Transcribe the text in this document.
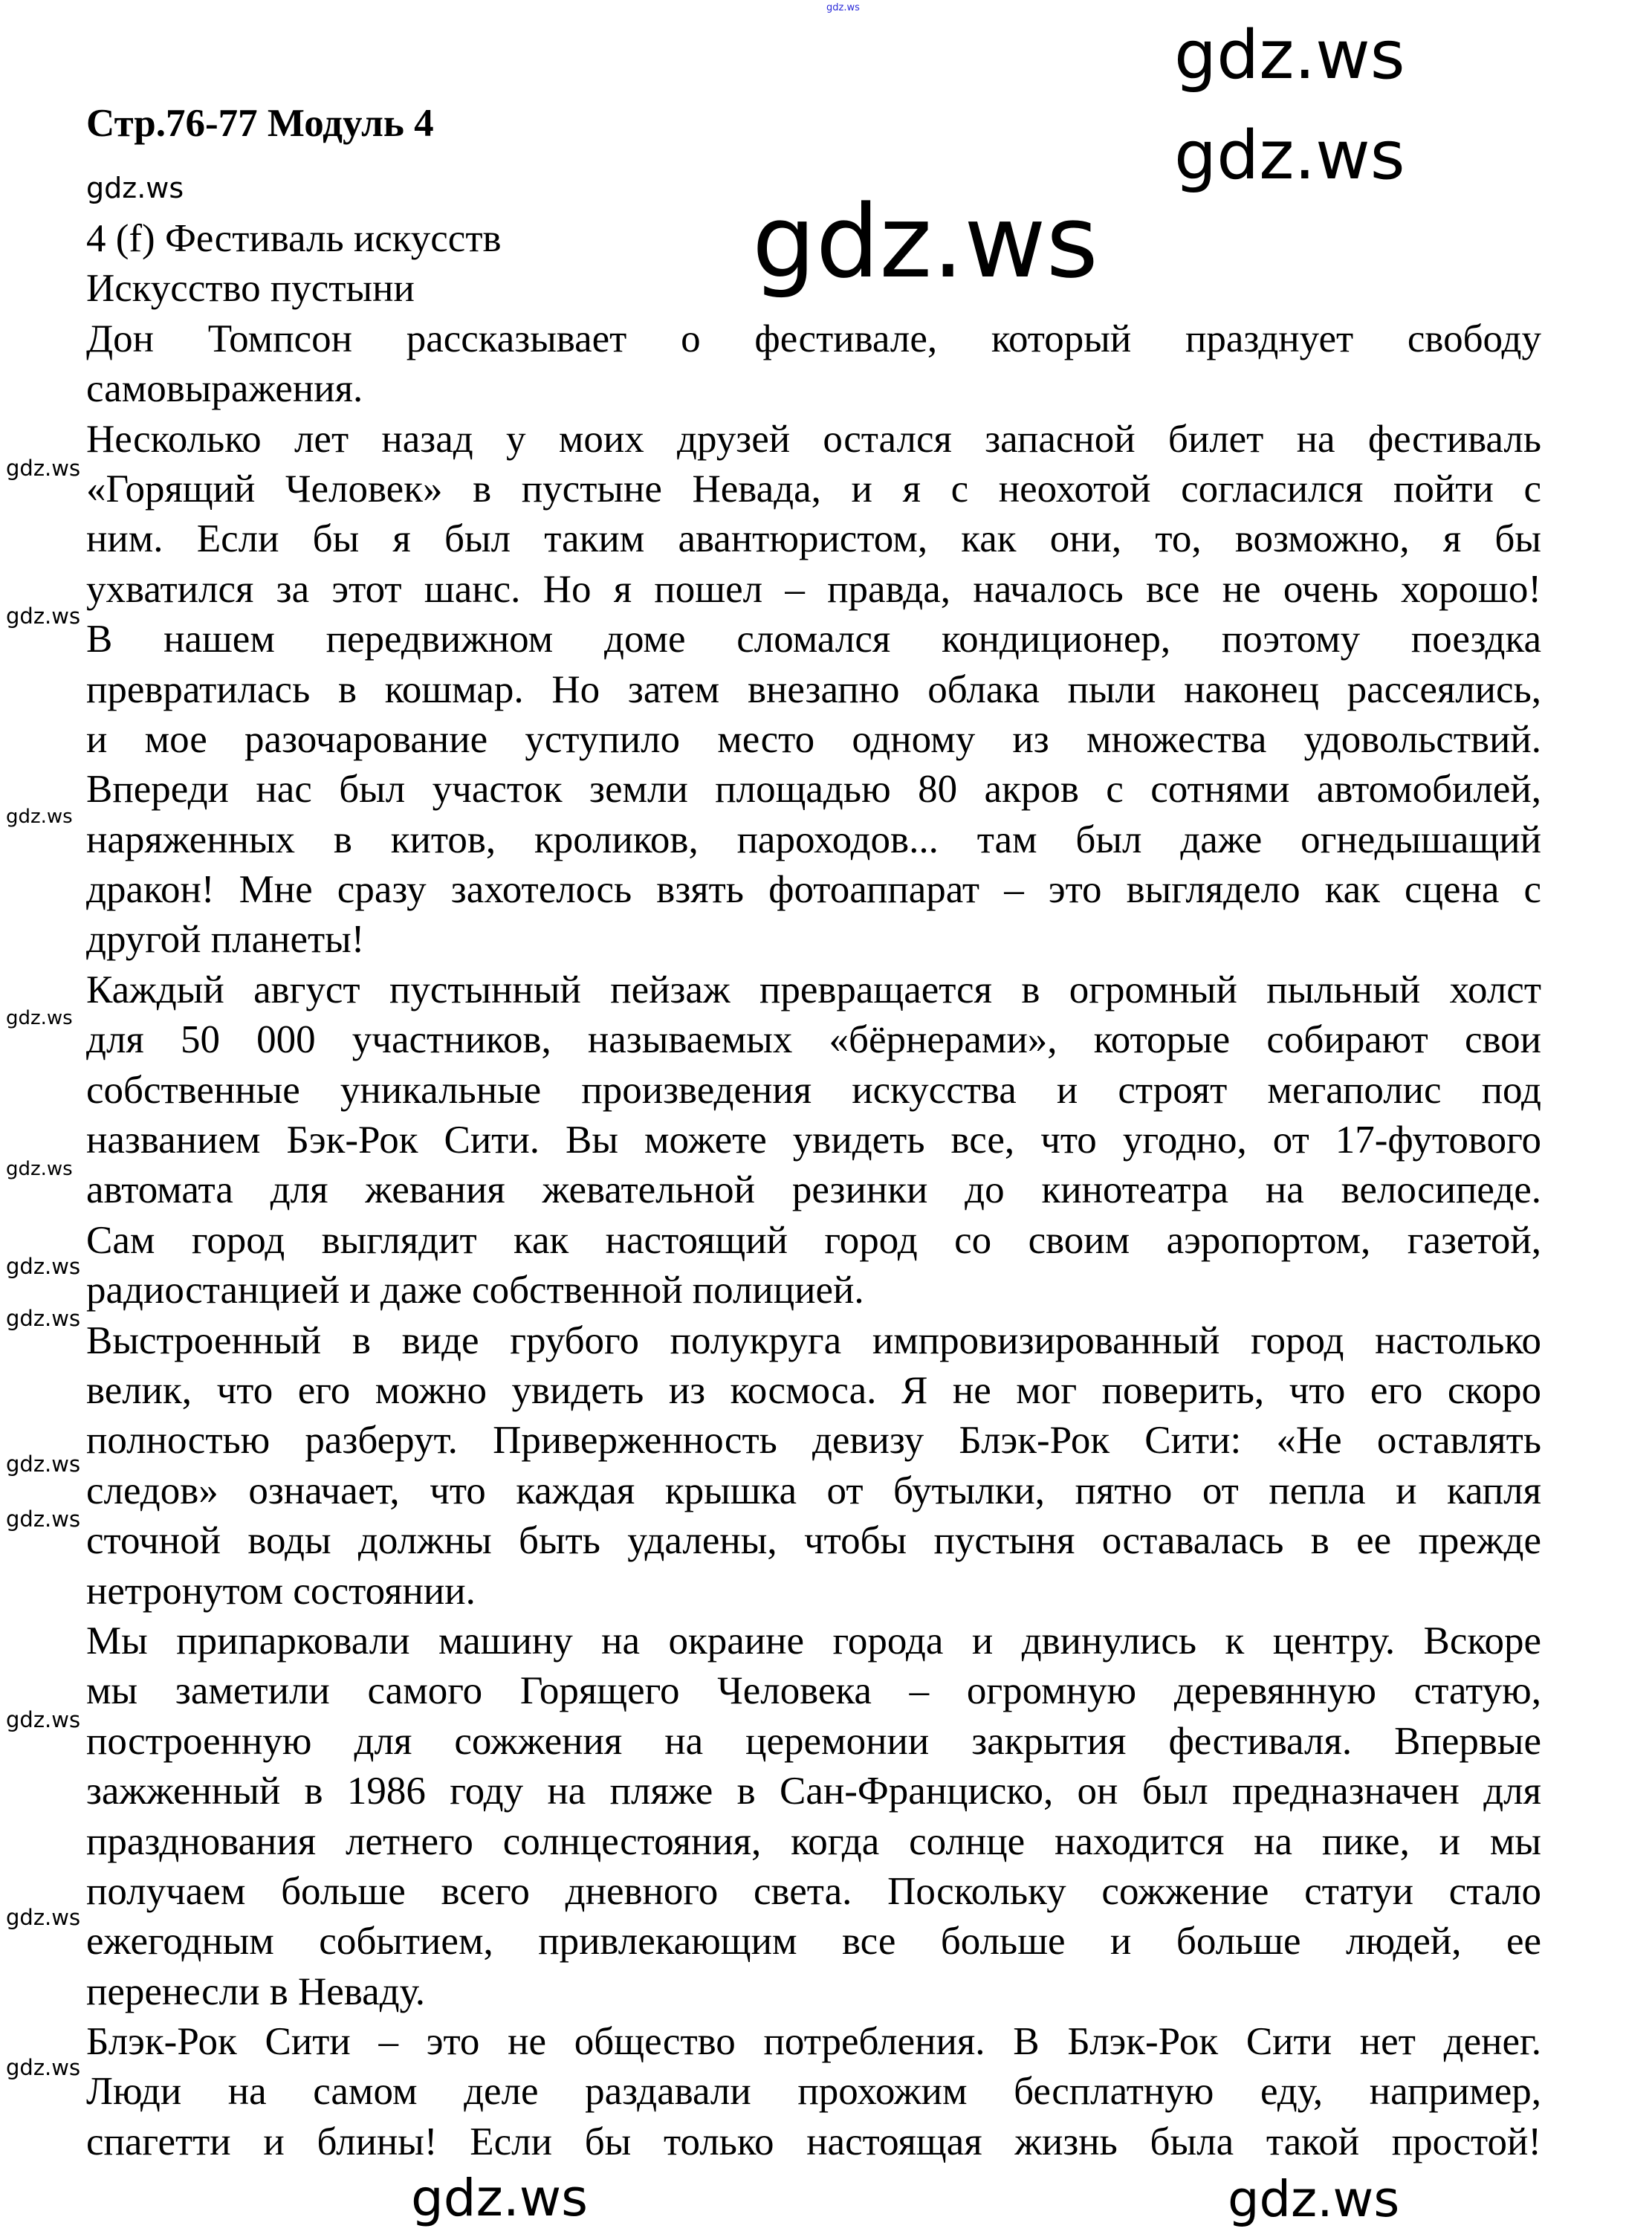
gdz.ws
Стр.76-77 Модуль 4
gdz.ws
4 (f) Фестиваль искусств
Искусство пустыни
Дон Томпсон рассказывает о фестивале, который празднует свободу
самовыражения.
Несколько лет назад у моих друзей остался запасной билет на фестиваль
«Горящий Человек» в пустыне Невада, и я с неохотой согласился пойти с
ним. Если бы я был таким авантюристом, как они, то, возможно, я бы
ухватился за этот шанс. Но я пошел – правда, началось все не очень хорошо!
В нашем передвижном доме сломался кондиционер, поэтому поездка
превратилась в кошмар. Но затем внезапно облака пыли наконец рассеялись,
и мое разочарование уступило место одному из множества удовольствий.
Впереди нас был участок земли площадью 80 акров с сотнями автомобилей,
наряженных в китов, кроликов, пароходов... там был даже огнедышащий
дракон! Мне сразу захотелось взять фотоаппарат – это выглядело как сцена с
другой планеты!
Каждый август пустынный пейзаж превращается в огромный пыльный холст
для 50 000 участников, называемых «бёрнерами», которые собирают свои
собственные уникальные произведения искусства и строят мегаполис под
названием Бэк-Рок Сити. Вы можете увидеть все, что угодно, от 17-футового
автомата для жевания жевательной резинки до кинотеатра на велосипеде.
Сам город выглядит как настоящий город со своим аэропортом, газетой,
радиостанцией и даже собственной полицией.
Выстроенный в виде грубого полукруга импровизированный город настолько
велик, что его можно увидеть из космоса. Я не мог поверить, что его скоро
полностью разберут. Приверженность девизу Блэк-Рок Сити: «Не оставлять
следов» означает, что каждая крышка от бутылки, пятно от пепла и капля
сточной воды должны быть удалены, чтобы пустыня оставалась в ее прежде
нетронутом состоянии.
Мы припарковали машину на окраине города и двинулись к центру. Вскоре
мы заметили самого Горящего Человека – огромную деревянную статую,
построенную для сожжения на церемонии закрытия фестиваля. Впервые
зажженный в 1986 году на пляже в Сан-Франциско, он был предназначен для
празднования летнего солнцестояния, когда солнце находится на пике, и мы
получаем больше всего дневного света. Поскольку сожжение статуи стало
ежегодным событием, привлекающим все больше и больше людей, ее
перенесли в Неваду.
Блэк-Рок Сити – это не общество потребления. В Блэк-Рок Сити нет денег.
Люди на самом деле раздавали прохожим бесплатную еду, например,
спагетти и блины! Если бы только настоящая жизнь была такой простой!
gdz.ws
gdz.ws
gdz.ws
gdz.ws	gdz.ws
gdz.ws
gdz.ws
gdz.ws
gdz.ws
gdz.ws
gdz.ws
gdz.ws
gdz.ws
gdz.ws
gdz.ws
gdz.ws
gdz.ws
